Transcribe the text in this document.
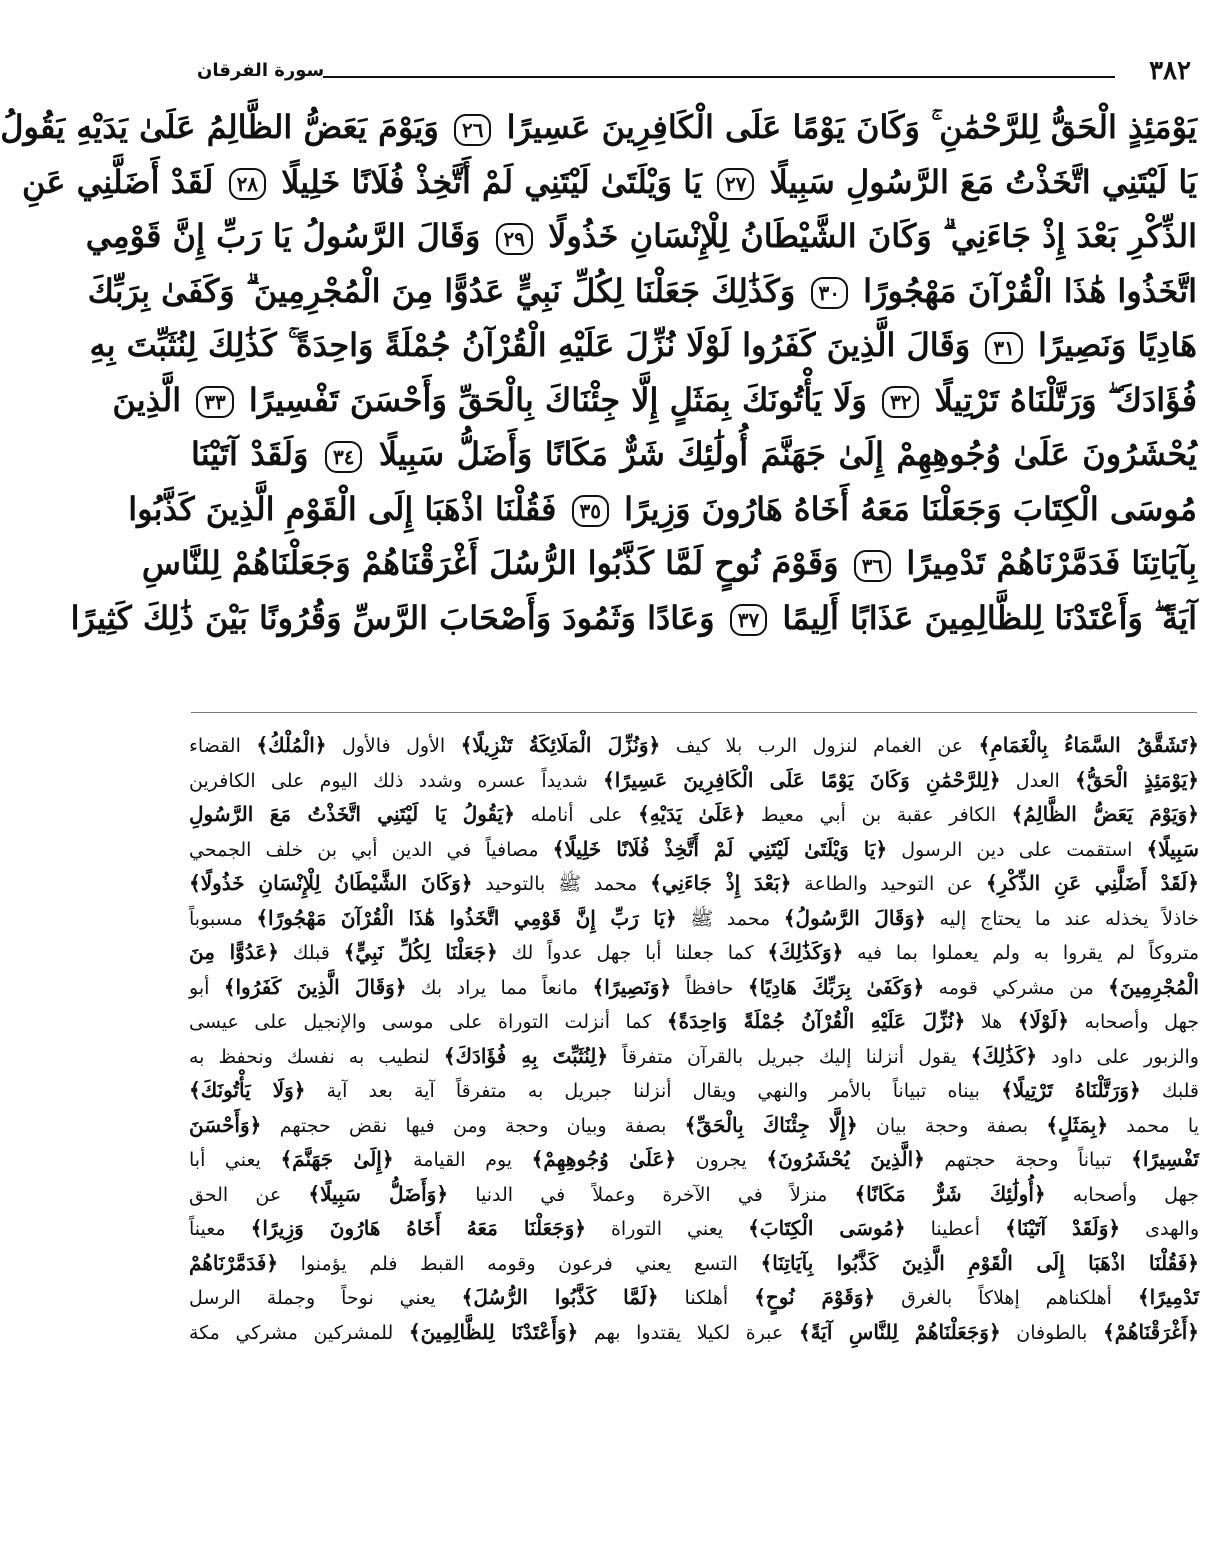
٣٨٢
سورة الفرقان
يَوْمَئِذٍ الْحَقُّ لِلرَّحْمَٰنِ ۚ وَكَانَ يَوْمًا عَلَى الْكَافِرِينَ عَسِيرًا ٢٦ وَيَوْمَ يَعَضُّ الظَّالِمُ عَلَىٰ يَدَيْهِ يَقُولُ
يَا لَيْتَنِي اتَّخَذْتُ مَعَ الرَّسُولِ سَبِيلًا ٢٧ يَا وَيْلَتَىٰ لَيْتَنِي لَمْ أَتَّخِذْ فُلَانًا خَلِيلًا ٢٨ لَقَدْ أَضَلَّنِي عَنِ
الذِّكْرِ بَعْدَ إِذْ جَاءَنِي ۗ وَكَانَ الشَّيْطَانُ لِلْإِنْسَانِ خَذُولًا ٢٩ وَقَالَ الرَّسُولُ يَا رَبِّ إِنَّ قَوْمِي
اتَّخَذُوا هَٰذَا الْقُرْآنَ مَهْجُورًا ٣٠ وَكَذَٰلِكَ جَعَلْنَا لِكُلِّ نَبِيٍّ عَدُوًّا مِنَ الْمُجْرِمِينَ ۗ وَكَفَىٰ بِرَبِّكَ
هَادِيًا وَنَصِيرًا ٣١ وَقَالَ الَّذِينَ كَفَرُوا لَوْلَا نُزِّلَ عَلَيْهِ الْقُرْآنُ جُمْلَةً وَاحِدَةً ۚ كَذَٰلِكَ لِنُثَبِّتَ بِهِ
فُؤَادَكَ ۖ وَرَتَّلْنَاهُ تَرْتِيلًا ٣٢ وَلَا يَأْتُونَكَ بِمَثَلٍ إِلَّا جِئْنَاكَ بِالْحَقِّ وَأَحْسَنَ تَفْسِيرًا ٣٣ الَّذِينَ
يُحْشَرُونَ عَلَىٰ وُجُوهِهِمْ إِلَىٰ جَهَنَّمَ أُولَٰئِكَ شَرٌّ مَكَانًا وَأَضَلُّ سَبِيلًا ٣٤ وَلَقَدْ آتَيْنَا
مُوسَى الْكِتَابَ وَجَعَلْنَا مَعَهُ أَخَاهُ هَارُونَ وَزِيرًا ٣٥ فَقُلْنَا اذْهَبَا إِلَى الْقَوْمِ الَّذِينَ كَذَّبُوا
بِآيَاتِنَا فَدَمَّرْنَاهُمْ تَدْمِيرًا ٣٦ وَقَوْمَ نُوحٍ لَمَّا كَذَّبُوا الرُّسُلَ أَغْرَقْنَاهُمْ وَجَعَلْنَاهُمْ لِلنَّاسِ
آيَةً ۖ وَأَعْتَدْنَا لِلظَّالِمِينَ عَذَابًا أَلِيمًا ٣٧ وَعَادًا وَثَمُودَ وَأَصْحَابَ الرَّسِّ وَقُرُونًا بَيْنَ ذَٰلِكَ كَثِيرًا
﴿تَشَقَّقُ السَّمَاءُ بِالْغَمَامِ﴾ عن الغمام لنزول الرب بلا كيف ﴿وَنُزِّلَ الْمَلَائِكَةُ تَنْزِيلًا﴾ الأول فالأول ﴿الْمُلْكُ﴾ القضاء
﴿يَوْمَئِذٍ الْحَقُّ﴾ العدل ﴿لِلرَّحْمَٰنِ وَكَانَ يَوْمًا عَلَى الْكَافِرِينَ عَسِيرًا﴾ شديداً عسره وشدد ذلك اليوم على الكافرين
﴿وَيَوْمَ يَعَضُّ الظَّالِمُ﴾ الكافر عقبة بن أبي معيط ﴿عَلَىٰ يَدَيْهِ﴾ على أنامله ﴿يَقُولُ يَا لَيْتَنِي اتَّخَذْتُ مَعَ الرَّسُولِ
سَبِيلًا﴾ استقمت على دين الرسول ﴿يَا وَيْلَتَىٰ لَيْتَنِي لَمْ أَتَّخِذْ فُلَانًا خَلِيلًا﴾ مصافياً في الدين أبي بن خلف الجمحي
﴿لَقَدْ أَضَلَّنِي عَنِ الذِّكْرِ﴾ عن التوحيد والطاعة ﴿بَعْدَ إِذْ جَاءَنِي﴾ محمد ﷺ بالتوحيد ﴿وَكَانَ الشَّيْطَانُ لِلْإِنْسَانِ خَذُولًا﴾
خاذلاً يخذله عند ما يحتاج إليه ﴿وَقَالَ الرَّسُولُ﴾ محمد ﷺ ﴿يَا رَبِّ إِنَّ قَوْمِي اتَّخَذُوا هَٰذَا الْقُرْآنَ مَهْجُورًا﴾ مسبوباً
متروكاً لم يقروا به ولم يعملوا بما فيه ﴿وَكَذَٰلِكَ﴾ كما جعلنا أبا جهل عدواً لك ﴿جَعَلْنَا لِكُلِّ نَبِيٍّ﴾ قبلك ﴿عَدُوًّا مِنَ
الْمُجْرِمِينَ﴾ من مشركي قومه ﴿وَكَفَىٰ بِرَبِّكَ هَادِيًا﴾ حافظاً ﴿وَنَصِيرًا﴾ مانعاً مما يراد بك ﴿وَقَالَ الَّذِينَ كَفَرُوا﴾ أبو
جهل وأصحابه ﴿لَوْلَا﴾ هلا ﴿نُزِّلَ عَلَيْهِ الْقُرْآنُ جُمْلَةً وَاحِدَةً﴾ كما أنزلت التوراة على موسى والإنجيل على عيسى
والزبور على داود ﴿كَذَٰلِكَ﴾ يقول أنزلنا إليك جبريل بالقرآن متفرقاً ﴿لِنُثَبِّتَ بِهِ فُؤَادَكَ﴾ لنطيب به نفسك ونحفظ به
قلبك ﴿وَرَتَّلْنَاهُ تَرْتِيلًا﴾ بيناه تبياناً بالأمر والنهي ويقال أنزلنا جبريل به متفرقاً آية بعد آية ﴿وَلَا يَأْتُونَكَ﴾
يا محمد ﴿بِمَثَلٍ﴾ بصفة وحجة بيان ﴿إِلَّا جِئْنَاكَ بِالْحَقِّ﴾ بصفة وبيان وحجة ومن فيها نقض حجتهم ﴿وَأَحْسَنَ
تَفْسِيرًا﴾ تبياناً وحجة حجتهم ﴿الَّذِينَ يُحْشَرُونَ﴾ يجرون ﴿عَلَىٰ وُجُوهِهِمْ﴾ يوم القيامة ﴿إِلَىٰ جَهَنَّمَ﴾ يعني أبا
جهل وأصحابه ﴿أُولَٰئِكَ شَرٌّ مَكَانًا﴾ منزلاً في الآخرة وعملاً في الدنيا ﴿وَأَضَلُّ سَبِيلًا﴾ عن الحق
والهدى ﴿وَلَقَدْ آتَيْنَا﴾ أعطينا ﴿مُوسَى الْكِتَابَ﴾ يعني التوراة ﴿وَجَعَلْنَا مَعَهُ أَخَاهُ هَارُونَ وَزِيرًا﴾ معيناً
﴿فَقُلْنَا اذْهَبَا إِلَى الْقَوْمِ الَّذِينَ كَذَّبُوا بِآيَاتِنَا﴾ التسع يعني فرعون وقومه القبط فلم يؤمنوا ﴿فَدَمَّرْنَاهُمْ
تَدْمِيرًا﴾ أهلكناهم إهلاكاً بالغرق ﴿وَقَوْمَ نُوحٍ﴾ أهلكنا ﴿لَمَّا كَذَّبُوا الرُّسُلَ﴾ يعني نوحاً وجملة الرسل
﴿أَغْرَقْنَاهُمْ﴾ بالطوفان ﴿وَجَعَلْنَاهُمْ لِلنَّاسِ آيَةً﴾ عبرة لكيلا يقتدوا بهم ﴿وَأَعْتَدْنَا لِلظَّالِمِينَ﴾ للمشركين مشركي مكة
